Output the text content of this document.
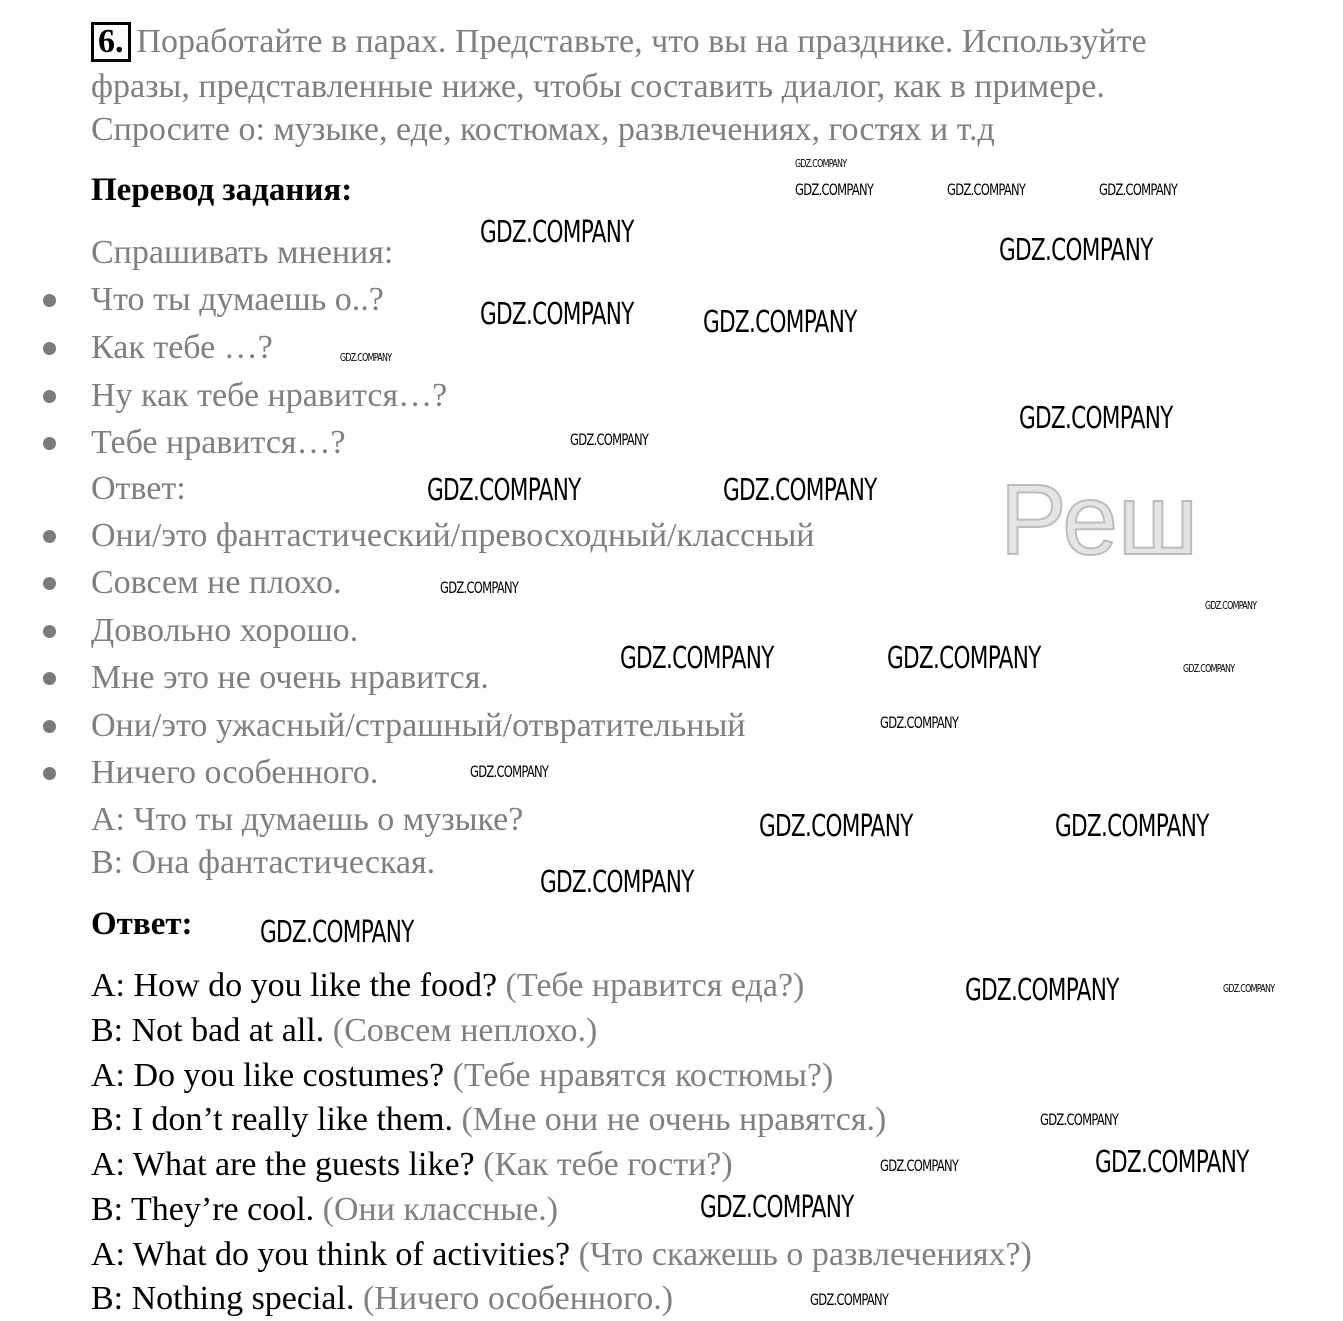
Реш
6. Поработайте в парах. Представьте, что вы на празднике. Используйте
фразы, представленные ниже, чтобы составить диалог, как в примере.
Спросите о: музыке, еде, костюмах, развлечениях, гостях и т.д
Перевод задания:
Спрашивать мнения:
Что ты думаешь о..?
Как тебе …?
Ну как тебе нравится…?
Тебе нравится…?
Ответ:
Они/это фантастический/превосходный/классный
Совсем не плохо.
Довольно хорошо.
Мне это не очень нравится.
Они/это ужасный/страшный/отвратительный
Ничего особенного.
A: Что ты думаешь о музыке?
B: Она фантастическая.
Ответ:
A: How do you like the food? (Тебе нравится еда?)
B: Not bad at all. (Совсем неплохо.)
A: Do you like costumes? (Тебе нравятся костюмы?)
B: I don’t really like them. (Мне они не очень нравятся.)
A: What are the guests like? (Как тебе гости?)
B: They’re cool. (Они классные.)
A: What do you think of activities? (Что скажешь о развлечениях?)
B: Nothing special. (Ничего особенного.)
GDZ.COMPANY	GDZ.COMPANY	GDZ.COMPANY
GDZ.COMPANY
GDZ.COMPANY
GDZ.COMPANY
GDZ.COMPANY
GDZ.COMPANY GDZ.COMPANY
GDZ.COMPANY
GDZ.COMPANY
GDZ.COMPANY	GDZ.COMPANY
GDZ.COMPANY
GDZ.COMPANY
GDZ.COMPANY	GDZ.COMPANY	GDZ.COMPANY
GDZ.COMPANY
GDZ.COMPANY
GDZ.COMPANY	GDZ.COMPANY
GDZ.COMPANY
GDZ.COMPANY
GDZ.COMPANY	GDZ.COMPANY
GDZ.COMPANY
GDZ.COMPANY	GDZ.COMPANY
GDZ.COMPANY
GDZ.COMPANY
